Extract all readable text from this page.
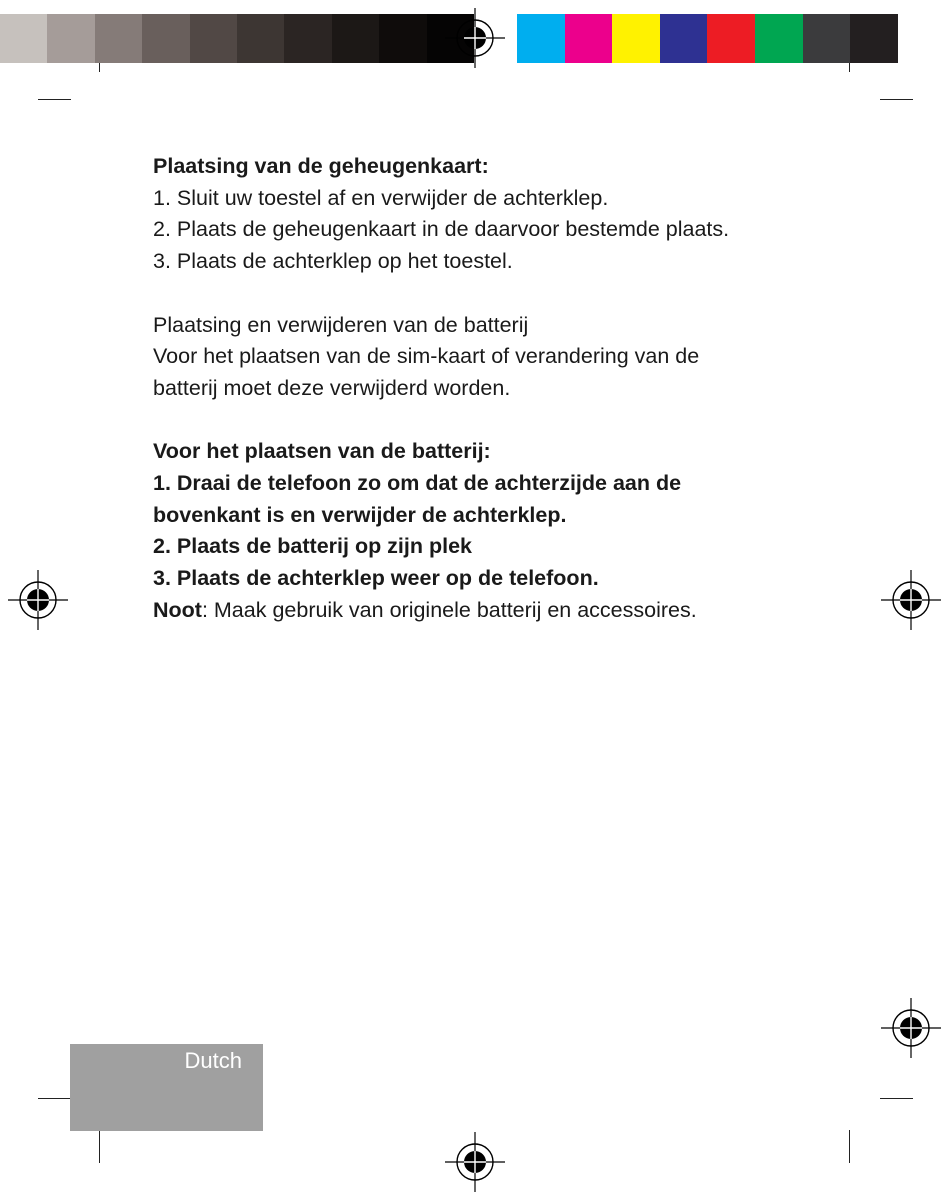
Plaatsing van de geheugenkaart:

1. Sluit uw toestel af en verwijder de achterklep.

2. Plaats de geheugenkaart in de daarvoor bestemde plaats.

3. Plaats de achterklep op het toestel.

Plaatsing en verwijderen van de batterij

Voor het plaatsen van de sim-kaart of verandering van de

batterij moet deze verwijderd worden.

Voor het plaatsen van de batterij:

1. Draai de telefoon zo om dat de achterzijde aan de

bovenkant is en verwijder de achterklep.

2. Plaats de batterij op zijn plek

3. Plaats de achterklep weer op de telefoon.

Noot: Maak gebruik van originele batterij en accessoires.

Dutch
